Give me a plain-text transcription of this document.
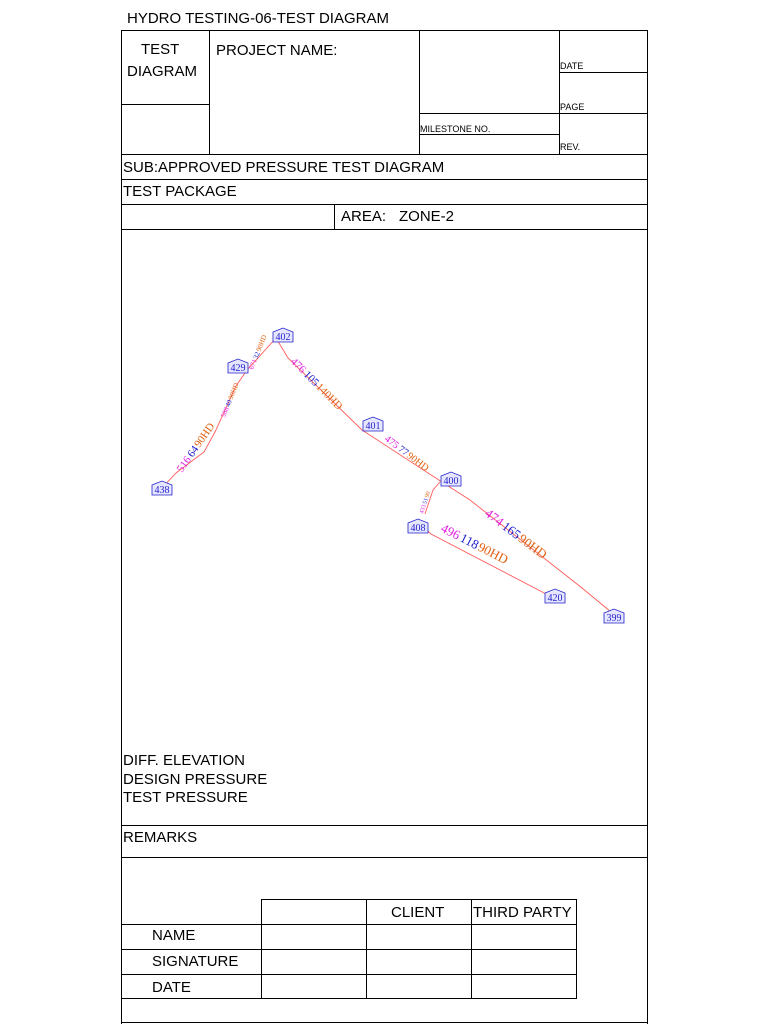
HYDRO TESTING-06-TEST DIAGRAM
TEST
DIAGRAM
PROJECT NAME:
DATE
PAGE
MILESTONE NO.
REV.
SUB:APPROVED PRESSURE TEST DIAGRAM
TEST PACKAGE
AREA: ZONE-2
438
429
402
401
400
408
420
399
5166490HD
5884090HD
6713290HD
476105140HD
4757790HD
4335190
47416590HD
49611890HD
DIFF. ELEVATION
DESIGN PRESSURE
TEST PRESSURE
REMARKS
CLIENT THIRD PARTY
NAME
SIGNATURE
DATE
